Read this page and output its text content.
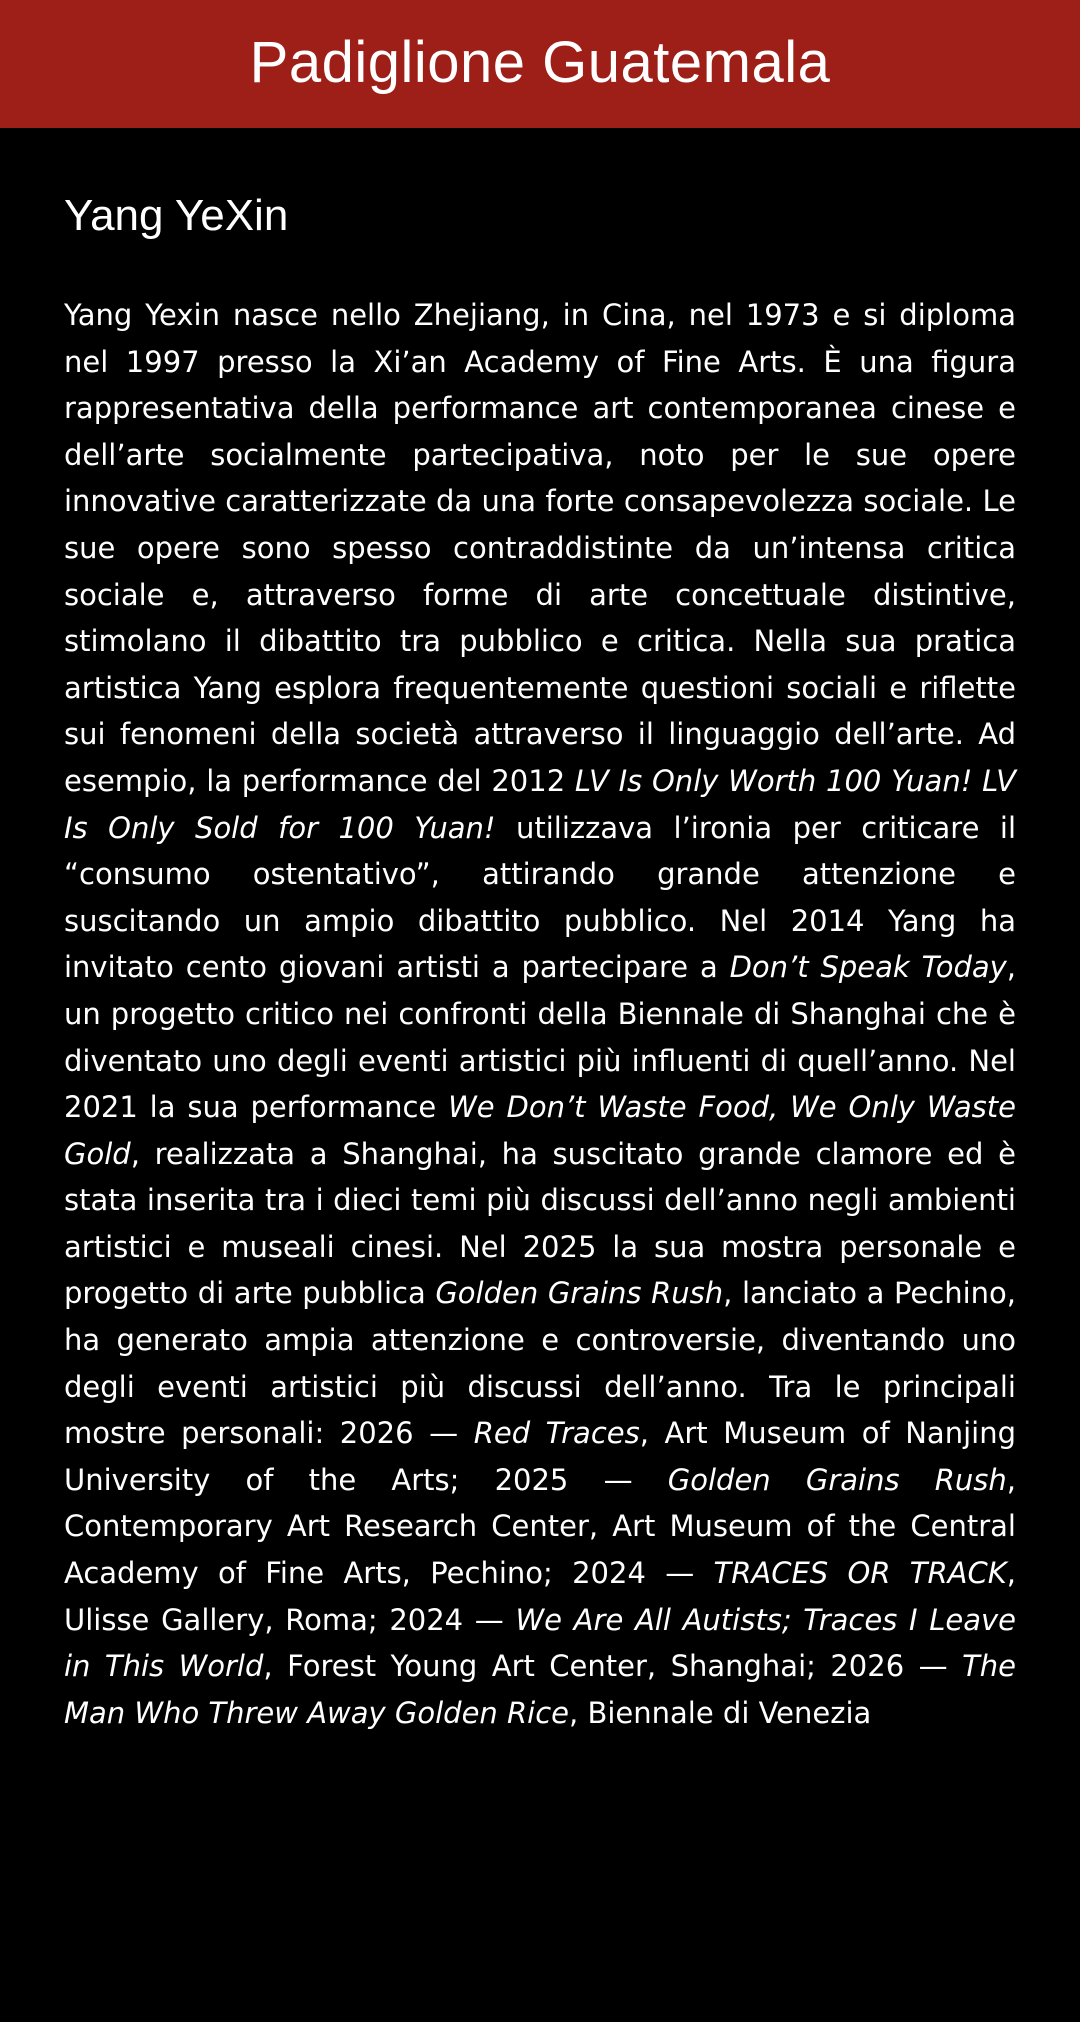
Padiglione Guatemala
Yang YeXin

Yang Yexin nasce nello Zhejiang, in Cina, nel 1973 e si diploma nel 1997 presso la Xi’an Academy of Fine Arts. È una figura rappresentativa della performance art contemporanea cinese e dell’arte socialmente partecipativa, noto per le sue opere innovative caratterizzate da una forte consapevolezza sociale. Le sue opere sono spesso contraddistinte da un’intensa critica sociale e, attraverso forme di arte concettuale distintive, stimolano il dibattito tra pubblico e critica. Nella sua pratica artistica Yang esplora frequentemente questioni sociali e riflette sui fenomeni della società attraverso il linguaggio dell’arte. Ad esempio, la performance del 2012 LV Is Only Worth 100 Yuan! LV Is Only Sold for 100 Yuan! utilizzava l’ironia per criticare il “consumo ostentativo”, attirando grande attenzione e suscitando un ampio dibattito pubblico. Nel 2014 Yang ha invitato cento giovani artisti a partecipare a Don’t Speak Today, un progetto critico nei confronti della Biennale di Shanghai che è diventato uno degli eventi artistici più influenti di quell’anno. Nel 2021 la sua performance We Don’t Waste Food, We Only Waste Gold, realizzata a Shanghai, ha suscitato grande clamore ed è stata inserita tra i dieci temi più discussi dell’anno negli ambienti artistici e museali cinesi. Nel 2025 la sua mostra personale e progetto di arte pubblica Golden Grains Rush, lanciato a Pechino, ha generato ampia attenzione e controversie, diventando uno degli eventi artistici più discussi dell’anno. Tra le principali mostre personali: 2026 — Red Traces, Art Museum of Nanjing University of the Arts; 2025 — Golden Grains Rush, Contemporary Art Research Center, Art Museum of the Central Academy of Fine Arts, Pechino; 2024 — TRACES OR TRACK, Ulisse Gallery, Roma; 2024 — We Are All Autists; Traces I Leave in This World, Forest Young Art Center, Shanghai; 2026 — The Man Who Threw Away Golden Rice, Biennale di Venezia
